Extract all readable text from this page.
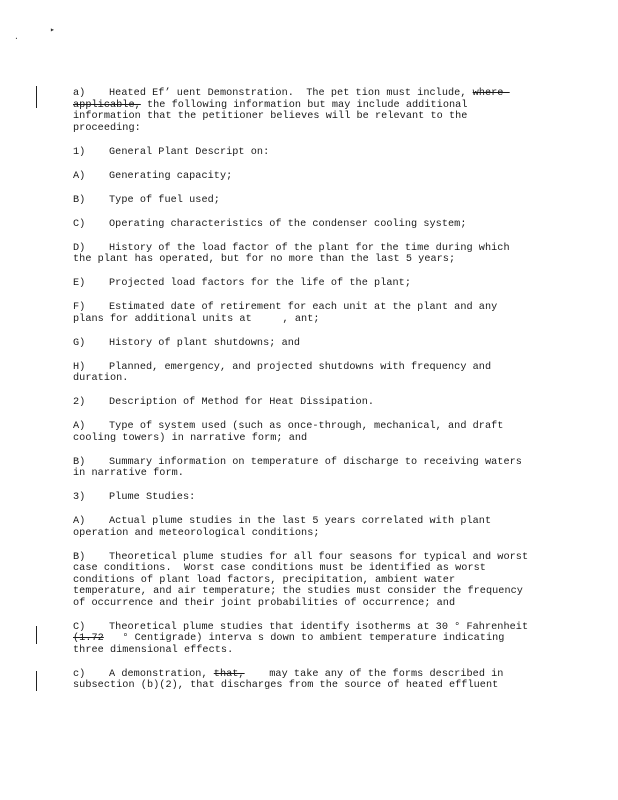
.
▸

a) Heated Ef’ uent Demonstration.  The pet tion must include, where applicable, the following information but may include additional information that the petitioner believes will be relevant to the proceeding:

1) General Plant Descript on:

A) Generating capacity;

B) Type of fuel used;

C) Operating characteristics of the condenser cooling system;

D) History of the load factor of the plant for the time during which the plant has operated, but for no more than the last 5 years;

E) Projected load factors for the life of the plant;

F) Estimated date of retirement for each unit at the plant and any plans for additional units at     , ant;

G) History of plant shutdowns; and

H) Planned, emergency, and projected shutdowns with frequency and duration.

2) Description of Method for Heat Dissipation.

A) Type of system used (such as once-through, mechanical, and draft cooling towers) in narrative form; and

B) Summary information on temperature of discharge to receiving waters in narrative form.

3) Plume Studies:

A) Actual plume studies in the last 5 years correlated with plant operation and meteorological conditions;

B) Theoretical plume studies for all four seasons for typical and worst case conditions.  Worst case conditions must be identified as worst conditions of plant load factors, precipitation, ambient water temperature, and air temperature; the studies must consider the frequency of occurrence and their joint probabilities of occurrence; and

C) Theoretical plume studies that identify isotherms at 30 ° Fahrenheit (1.72   ° Centigrade) interva s down to ambient temperature indicating three dimensional effects.

c) A demonstration, that,    may take any of the forms described in subsection (b)(2), that discharges from the source of heated effluent
